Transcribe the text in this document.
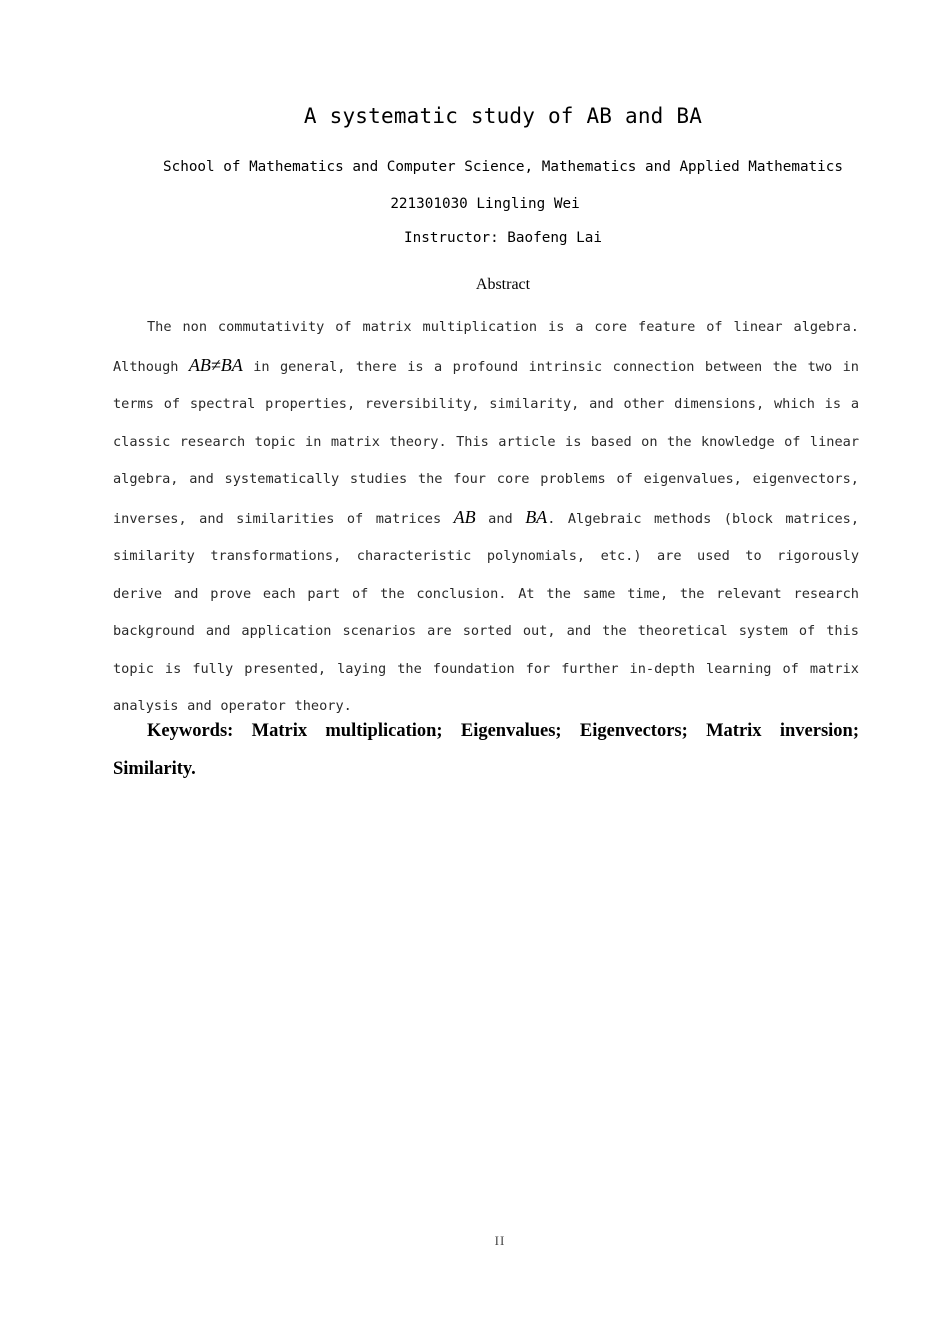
A systematic study of AB and BA
School of Mathematics and Computer Science, Mathematics and Applied Mathematics
221301030 Lingling Wei
Instructor: Baofeng Lai
Abstract

The non commutativity of matrix multiplication is a core feature of linear algebra. Although AB≠BA in general, there is a profound intrinsic connection between the two in terms of spectral properties, reversibility, similarity, and other dimensions, which is a classic research topic in matrix theory. This article is based on the knowledge of linear algebra, and systematically studies the four core problems of eigenvalues, eigenvectors, inverses, and similarities of matrices AB and BA. Algebraic methods (block matrices, similarity transformations, characteristic polynomials, etc.) are used to rigorously derive and prove each part of the conclusion. At the same time, the relevant research background and application scenarios are sorted out, and the theoretical system of this topic is fully presented, laying the foundation for further in-depth learning of matrix analysis and operator theory.

Keywords: Matrix multiplication; Eigenvalues; Eigenvectors; Matrix inversion; Similarity.

II
